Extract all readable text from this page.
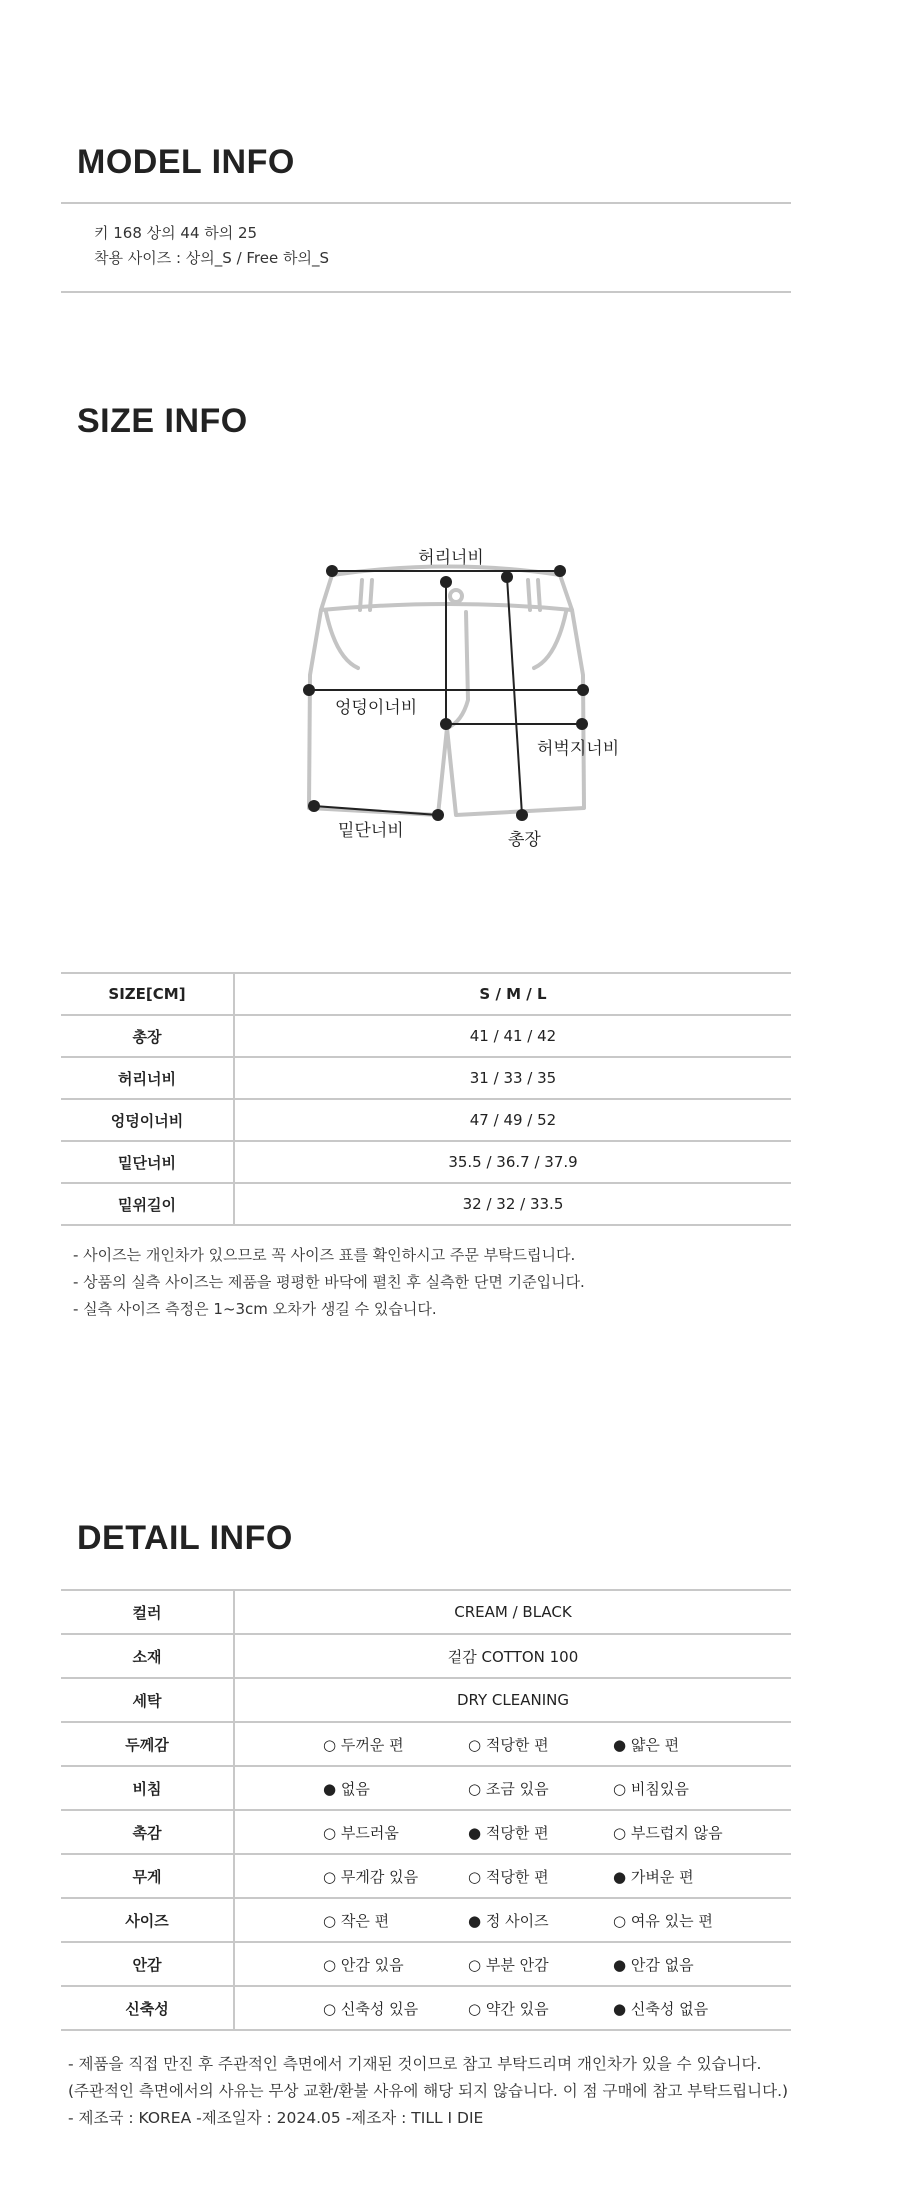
MODEL INFO
키 168 상의 44 하의 25
착용 사이즈 : 상의_S / Free 하의_S
SIZE INFO
허리너비
엉덩이너비
허벅지너비
밑단너비	총장
SIZE[CM]	S / M / L
총장	41 / 41 / 42
허리너비	31 / 33 / 35
엉덩이너비	47 / 49 / 52
밑단너비	35.5 / 36.7 / 37.9
밑위길이	32 / 32 / 33.5

- 사이즈는 개인차가 있으므로 꼭 사이즈 표를 확인하시고 주문 부탁드립니다.

- 상품의 실측 사이즈는 제품을 평평한 바닥에 펼친 후 실측한 단면 기준입니다.

- 실측 사이즈 측정은 1~3cm 오차가 생길 수 있습니다.

DETAIL INFO
컬러	CREAM / BLACK
소재	겉감 COTTON 100
세탁	DRY CLEANING
두께감	○ 두꺼운 편 ○ 적당한 편 ● 얇은 편

비침	● 없음 ○ 조금 있음 ○ 비침있음

촉감	○ 부드러움 ● 적당한 편 ○ 부드럽지 않음

무게	○ 무게감 있음 ○ 적당한 편 ● 가벼운 편

사이즈	○ 작은 편 ● 정 사이즈 ○ 여유 있는 편

안감	○ 안감 있음 ○ 부분 안감 ● 안감 없음

신축성	○ 신축성 있음 ○ 약간 있음 ● 신축성 없음

- 제품을 직접 만진 후 주관적인 측면에서 기재된 것이므로 참고 부탁드리며 개인차가 있을 수 있습니다.

(주관적인 측면에서의 사유는 무상 교환/환불 사유에 해당 되지 않습니다. 이 점 구매에 참고 부탁드립니다.)

- 제조국 : KOREA -제조일자 : 2024.05 -제조자 : TILL I DIE
